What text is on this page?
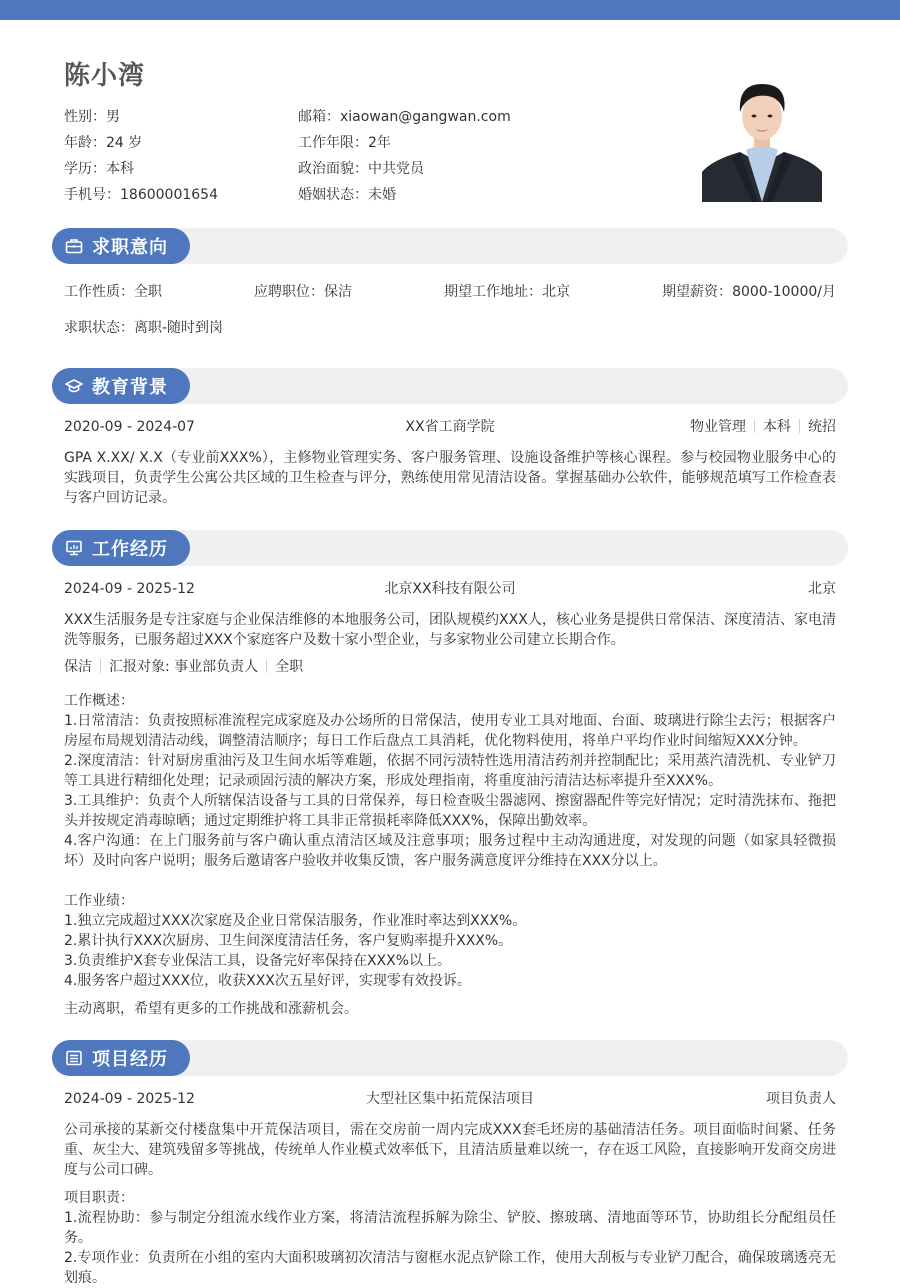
陈小湾
性别：男	邮箱：xiaowan@gangwan.com
年龄：24 岁	工作年限：2年
学历：本科	政治面貌：中共党员
手机号：18600001654	婚姻状态：未婚
求职意向
工作性质：全职	应聘职位：保洁	期望工作地址：北京	期望薪资：8000-10000/月
求职状态：离职-随时到岗
教育背景
2020-09 - 2024-07	XX省工商学院	物业管理 本科 统招
GPA X.XX/ X.X（专业前XXX%），主修物业管理实务、客户服务管理、设施设备维护等核心课程。参与校园物业服务中心的实践项目，负责学生公寓公共区域的卫生检查与评分，熟练使用常见清洁设备。掌握基础办公软件，能够规范填写工作检查表与客户回访记录。
工作经历
2024-09 - 2025-12	北京XX科技有限公司	北京
XXX生活服务是专注家庭与企业保洁维修的本地服务公司，团队规模约XXX人，核心业务是提供日常保洁、深度清洁、家电清洗等服务，已服务超过XXX个家庭客户及数十家小型企业，与多家物业公司建立长期合作。
保洁 汇报对象: 事业部负责人 全职
工作概述：
1.日常清洁：负责按照标准流程完成家庭及办公场所的日常保洁，使用专业工具对地面、台面、玻璃进行除尘去污；根据客户房屋布局规划清洁动线，调整清洁顺序；每日工作后盘点工具消耗，优化物料使用，将单户平均作业时间缩短XXX分钟。
2.深度清洁：针对厨房重油污及卫生间水垢等难题，依据不同污渍特性选用清洁药剂并控制配比；采用蒸汽清洗机、专业铲刀等工具进行精细化处理；记录顽固污渍的解决方案，形成处理指南，将重度油污清洁达标率提升至XXX%。
3.工具维护：负责个人所辖保洁设备与工具的日常保养，每日检查吸尘器滤网、擦窗器配件等完好情况；定时清洗抹布、拖把头并按规定消毒晾晒；通过定期维护将工具非正常损耗率降低XXX%，保障出勤效率。
4.客户沟通：在上门服务前与客户确认重点清洁区域及注意事项；服务过程中主动沟通进度，对发现的问题（如家具轻微损坏）及时向客户说明；服务后邀请客户验收并收集反馈，客户服务满意度评分维持在XXX分以上。
工作业绩：
1.独立完成超过XXX次家庭及企业日常保洁服务，作业准时率达到XXX%。
2.累计执行XXX次厨房、卫生间深度清洁任务，客户复购率提升XXX%。
3.负责维护X套专业保洁工具，设备完好率保持在XXX%以上。
4.服务客户超过XXX位，收获XXX次五星好评，实现零有效投诉。
主动离职，希望有更多的工作挑战和涨薪机会。
项目经历
2024-09 - 2025-12	大型社区集中拓荒保洁项目	项目负责人
公司承接的某新交付楼盘集中开荒保洁项目，需在交房前一周内完成XXX套毛坯房的基础清洁任务。项目面临时间紧、任务重、灰尘大、建筑残留多等挑战，传统单人作业模式效率低下，且清洁质量难以统一，存在返工风险，直接影响开发商交房进度与公司口碑。
项目职责：
1.流程协助：参与制定分组流水线作业方案，将清洁流程拆解为除尘、铲胶、擦玻璃、清地面等环节，协助组长分配组员任务。
2.专项作业：负责所在小组的室内大面积玻璃初次清洁与窗框水泥点铲除工作，使用大刮板与专业铲刀配合，确保玻璃透亮无划痕。
